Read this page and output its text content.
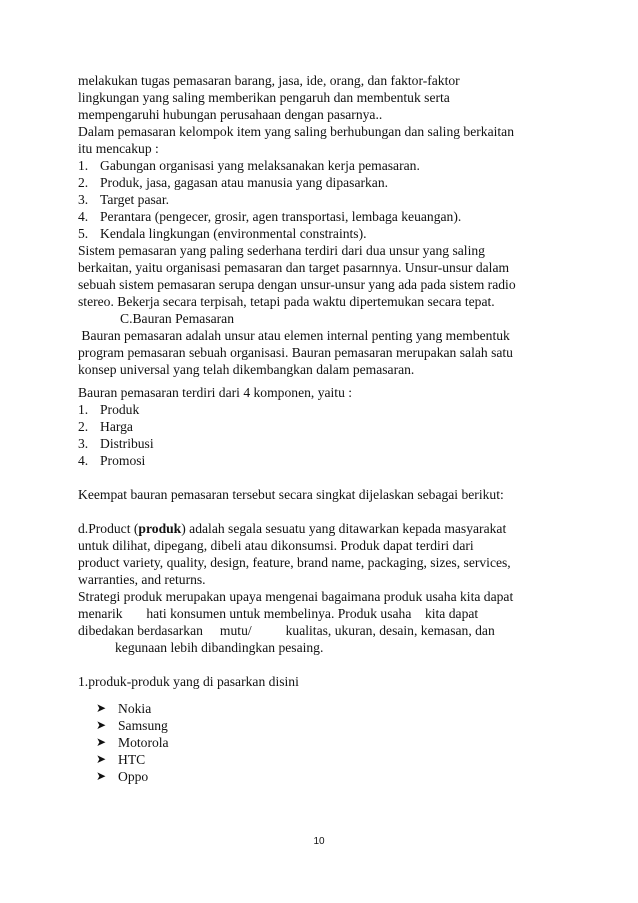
melakukan tugas pemasaran barang, jasa, ide, orang, dan faktor-faktor
lingkungan yang saling memberikan pengaruh dan membentuk serta
mempengaruhi hubungan perusahaan dengan pasarnya..
Dalam pemasaran kelompok item yang saling berhubungan dan saling berkaitan
itu mencakup :
1. Gabungan organisasi yang melaksanakan kerja pemasaran.
2. Produk, jasa, gagasan atau manusia yang dipasarkan.
3. Target pasar.
4. Perantara (pengecer, grosir, agen transportasi, lembaga keuangan).
5. Kendala lingkungan (environmental constraints).
Sistem pemasaran yang paling sederhana terdiri dari dua unsur yang saling
berkaitan, yaitu organisasi pemasaran dan target pasarnnya. Unsur-unsur dalam
sebuah sistem pemasaran serupa dengan unsur-unsur yang ada pada sistem radio
stereo. Bekerja secara terpisah, tetapi pada waktu dipertemukan secara tepat.
C.Bauran Pemasaran
Bauran pemasaran adalah unsur atau elemen internal penting yang membentuk
program pemasaran sebuah organisasi. Bauran pemasaran merupakan salah satu
konsep universal yang telah dikembangkan dalam pemasaran.
Bauran pemasaran terdiri dari 4 komponen, yaitu :
1. Produk
2. Harga
3. Distribusi
4. Promosi
Keempat bauran pemasaran tersebut secara singkat dijelaskan sebagai berikut:
d.Product (produk) adalah segala sesuatu yang ditawarkan kepada masyarakat
untuk dilihat, dipegang, dibeli atau dikonsumsi. Produk dapat terdiri dari
product variety, quality, design, feature, brand name, packaging, sizes, services,
warranties, and returns.
Strategi produk merupakan upaya mengenai bagaimana produk usaha kita dapat
menarik       hati konsumen untuk membelinya. Produk usaha    kita dapat
dibedakan berdasarkan     mutu/          kualitas, ukuran, desain, kemasan, dan
kegunaan lebih dibandingkan pesaing.
1.produk-produk yang di pasarkan disini
➤ Nokia
➤ Samsung
➤ Motorola
➤ HTC
➤ Oppo
10
